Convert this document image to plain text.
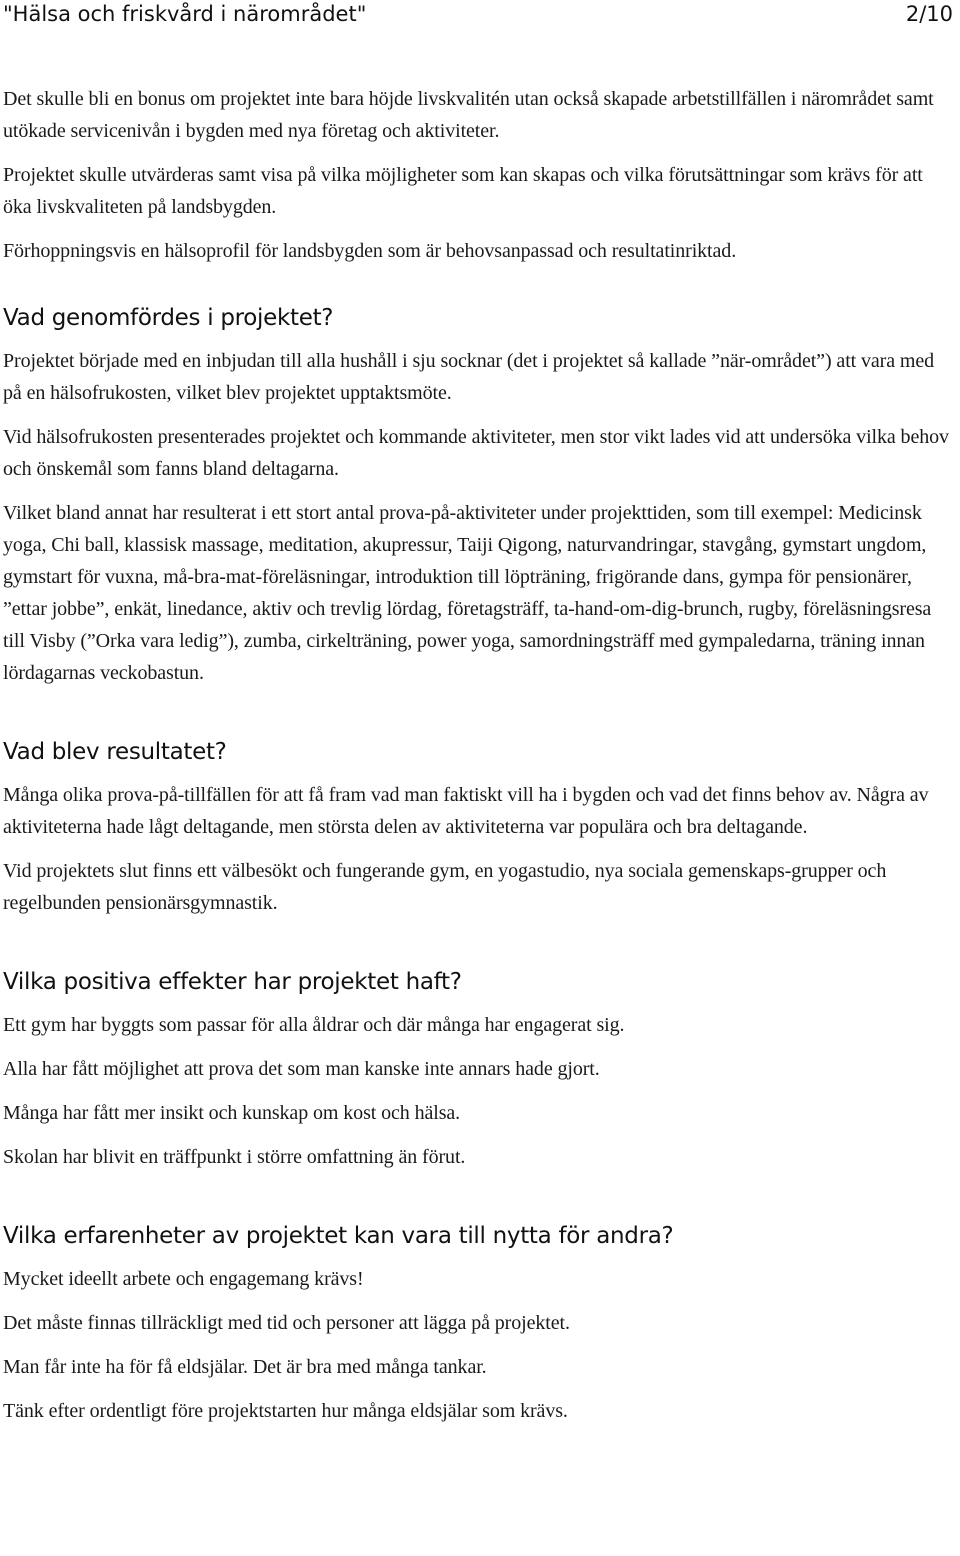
"Hälsa och friskvård i närområdet"	2/10

Det skulle bli en bonus om projektet inte bara höjde livskvalitén utan också skapade arbetstillfällen i närområdet samt utökade servicenivån i bygden med nya företag och aktiviteter.

Projektet skulle utvärderas samt visa på vilka möjligheter som kan skapas och vilka förutsättningar som krävs för att öka livskvaliteten på landsbygden.

Förhoppningsvis en hälsoprofil för landsbygden som är behovsanpassad och resultatinriktad.

Vad genomfördes i projektet?

Projektet började med en inbjudan till alla hushåll i sju socknar (det i projektet så kallade ”när-området”) att vara med på en hälsofrukosten, vilket blev projektet upptaktsmöte.

Vid hälsofrukosten presenterades projektet och kommande aktiviteter, men stor vikt lades vid att undersöka vilka behov och önskemål som fanns bland deltagarna.

Vilket bland annat har resulterat i ett stort antal prova-på-aktiviteter under projekttiden, som till exempel: Medicinsk yoga, Chi ball, klassisk massage, meditation, akupressur, Taiji Qigong, naturvandringar, stavgång, gymstart ungdom, gymstart för vuxna, må-bra-mat-föreläsningar, introduktion till löpträning, frigörande dans, gympa för pensionärer, ”ettar jobbe”, enkät, linedance, aktiv och trevlig lördag, företagsträff, ta-hand-om-dig-brunch, rugby, föreläsningsresa till Visby (”Orka vara ledig”), zumba, cirkelträning, power yoga, samordningsträff med gympaledarna, träning innan lördagarnas veckobastun.

Vad blev resultatet?

Många olika prova-på-tillfällen för att få fram vad man faktiskt vill ha i bygden och vad det finns behov av. Några av aktiviteterna hade lågt deltagande, men största delen av aktiviteterna var populära och bra deltagande.

Vid projektets slut finns ett välbesökt och fungerande gym, en yogastudio, nya sociala gemenskaps-grupper och regelbunden pensionärsgymnastik.

Vilka positiva effekter har projektet haft?

Ett gym har byggts som passar för alla åldrar och där många har engagerat sig.

Alla har fått möjlighet att prova det som man kanske inte annars hade gjort.

Många har fått mer insikt och kunskap om kost och hälsa.

Skolan har blivit en träffpunkt i större omfattning än förut.

Vilka erfarenheter av projektet kan vara till nytta för andra?

Mycket ideellt arbete och engagemang krävs!

Det måste finnas tillräckligt med tid och personer att lägga på projektet.

Man får inte ha för få eldsjälar. Det är bra med många tankar.

Tänk efter ordentligt före projektstarten hur många eldsjälar som krävs.
